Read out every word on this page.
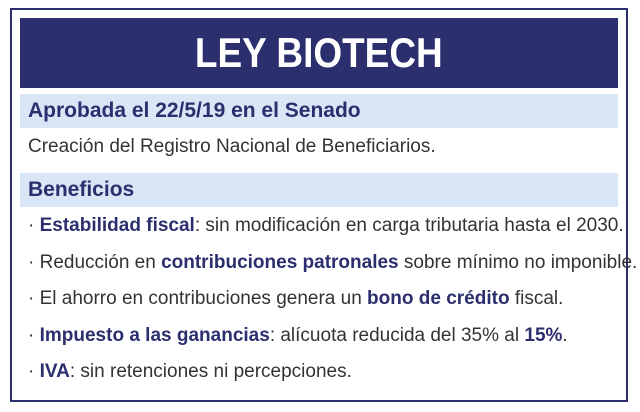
LEY BIOTECH
Aprobada el 22/5/19 en el Senado
Creación del Registro Nacional de Beneficiarios.
Beneficios
· Estabilidad fiscal: sin modificación en carga tributaria hasta el 2030.
· Reducción en contribuciones patronales sobre mínimo no imponible.
· El ahorro en contribuciones genera un bono de crédito fiscal.
· Impuesto a las ganancias: alícuota reducida del 35% al 15%.
· IVA: sin retenciones ni percepciones.
